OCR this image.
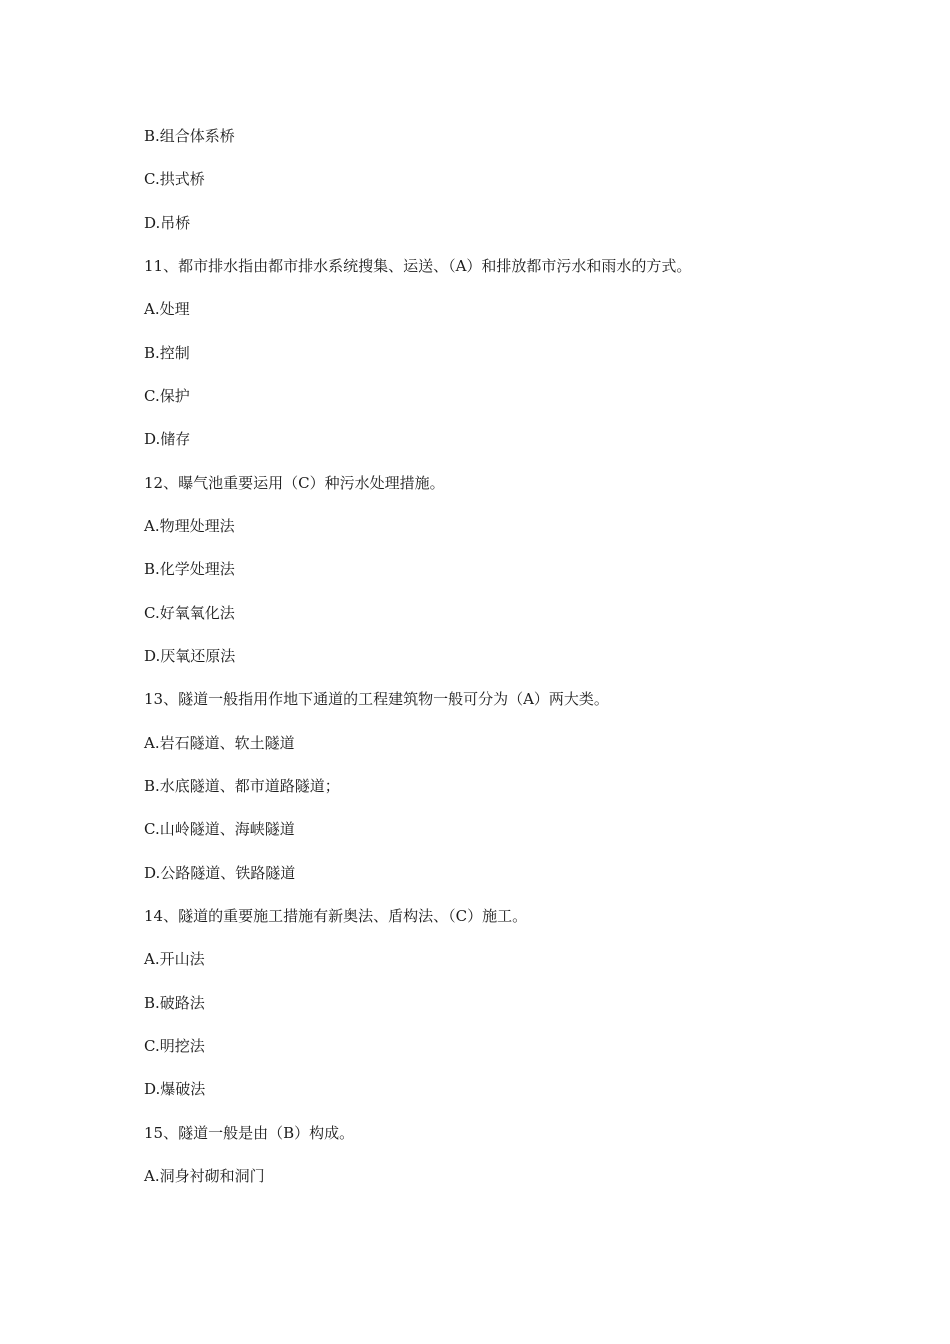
B.组合体系桥

C.拱式桥

D.吊桥

11、都市排水指由都市排水系统搜集、运送、（A）和排放都市污水和雨水的方式。

A.处理

B.控制

C.保护

D.储存

12、曝气池重要运用（C）种污水处理措施。

A.物理处理法

B.化学处理法

C.好氧氧化法

D.厌氧还原法

13、隧道一般指用作地下通道的工程建筑物一般可分为（A）两大类。

A.岩石隧道、软土隧道

B.水底隧道、都市道路隧道；

C.山岭隧道、海峡隧道

D.公路隧道、铁路隧道

14、隧道的重要施工措施有新奥法、盾构法、（C）施工。

A.开山法

B.破路法

C.明挖法

D.爆破法

15、隧道一般是由（B）构成。

A.洞身衬砌和洞门
